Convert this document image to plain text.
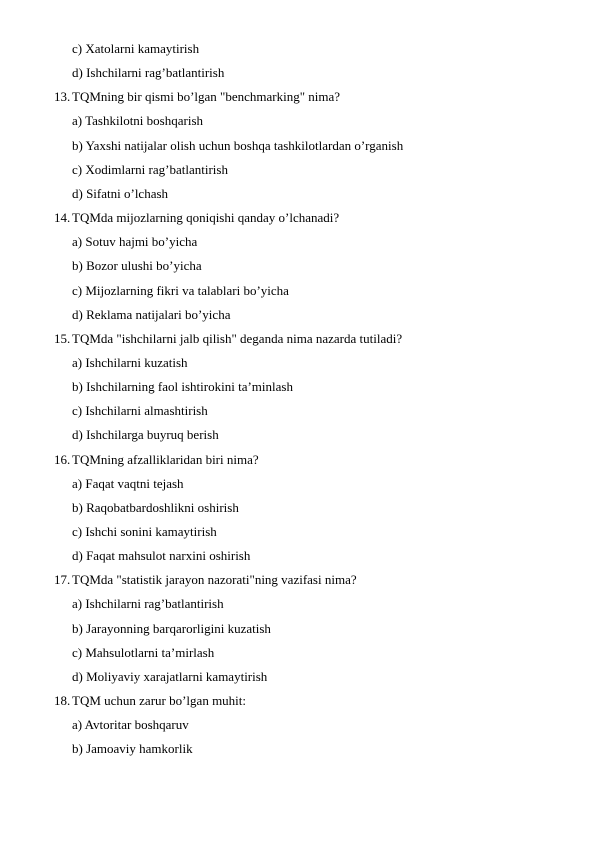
c) Xatolarni kamaytirish
d) Ishchilarni rag’batlantirish
13. TQMning bir qismi bo’lgan "benchmarking" nima?
a) Tashkilotni boshqarish
b) Yaxshi natijalar olish uchun boshqa tashkilotlardan o’rganish
c) Xodimlarni rag’batlantirish
d) Sifatni o’lchash
14. TQMda mijozlarning qoniqishi qanday o’lchanadi?
a) Sotuv hajmi bo’yicha
b) Bozor ulushi bo’yicha
c) Mijozlarning fikri va talablari bo’yicha
d) Reklama natijalari bo’yicha
15. TQMda "ishchilarni jalb qilish" deganda nima nazarda tutiladi?
a) Ishchilarni kuzatish
b) Ishchilarning faol ishtirokini ta’minlash
c) Ishchilarni almashtirish
d) Ishchilarga buyruq berish
16. TQMning afzalliklaridan biri nima?
a) Faqat vaqtni tejash
b) Raqobatbardoshlikni oshirish
c) Ishchi sonini kamaytirish
d) Faqat mahsulot narxini oshirish
17. TQMda "statistik jarayon nazorati"ning vazifasi nima?
a) Ishchilarni rag’batlantirish
b) Jarayonning barqarorligini kuzatish
c) Mahsulotlarni ta’mirlash
d) Moliyaviy xarajatlarni kamaytirish
18. TQM uchun zarur bo’lgan muhit:
a) Avtoritar boshqaruv
b) Jamoaviy hamkorlik
